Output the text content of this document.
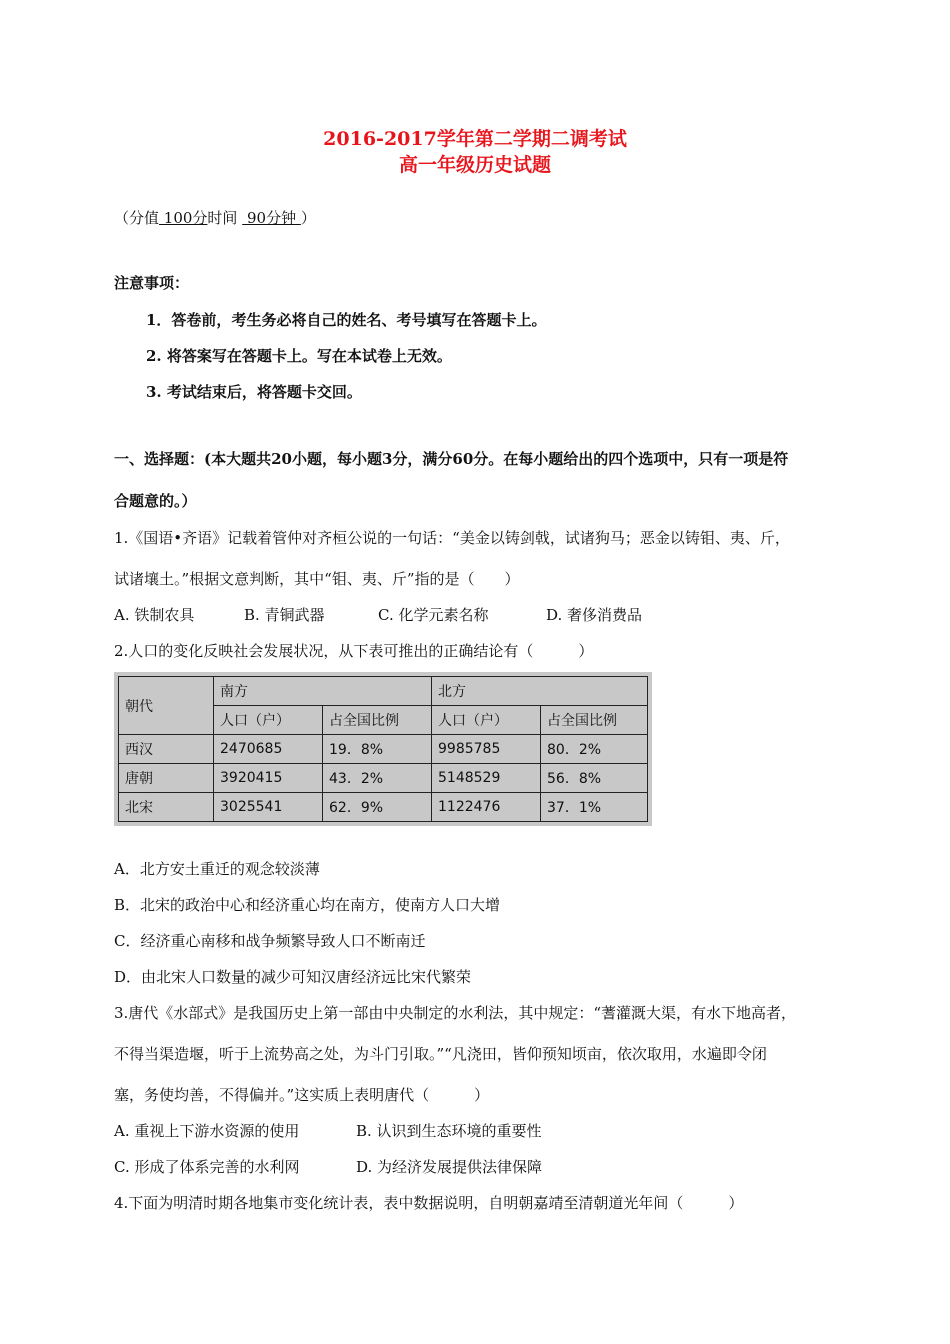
2016-2017学年第二学期二调考试
高一年级历史试题
（分值 100分时间  90分钟 ）
注意事项：
1．答卷前，考生务必将自己的姓名、考号填写在答题卡上。
2. 将答案写在答题卡上。写在本试卷上无效。
3. 考试结束后，将答题卡交回。
一、选择题：(本大题共20小题，每小题3分，满分60分。在每小题给出的四个选项中，只有一项是符
合题意的。）
1.《国语•齐语》记载着管仲对齐桓公说的一句话：“美金以铸剑戟，试诸狗马；恶金以铸钼、夷、斤，
试诸壤土。”根据文意判断，其中“钼、夷、斤”指的是（　　）
A. 铁制农具	B. 青铜武器	C. 化学元素名称	D. 奢侈消费品
2.人口的变化反映社会发展状况，从下表可推出的正确结论有（　　　）
朝代	南方		北方	
	人口（户）	占全国比例	人口（户）	占全国比例
西汉	2470685	19．8%	9985785	80．2%
唐朝	3920415	43．2%	5148529	56．8%
北宋	3025541	62．9%	1122476	37．1%
A．北方安土重迁的观念较淡薄
B．北宋的政治中心和经济重心均在南方，使南方人口大增
C．经济重心南移和战争频繁导致人口不断南迁
D．由北宋人口数量的减少可知汉唐经济远比宋代繁荣
3.唐代《水部式》是我国历史上第一部由中央制定的水利法，其中规定：“蓍灌溉大渠，有水下地高者，
不得当渠造堰，听于上流势高之处，为斗门引取。”“凡浇田，皆仰预知顷亩，依次取用，水遍即令闭
塞，务使均善，不得偏并。”这实质上表明唐代（　　　）
A. 重视上下游水资源的使用	B. 认识到生态环境的重要性
C. 形成了体系完善的水利网	D. 为经济发展提供法律保障
4.下面为明清时期各地集市变化统计表，表中数据说明，自明朝嘉靖至清朝道光年间（　　　）
